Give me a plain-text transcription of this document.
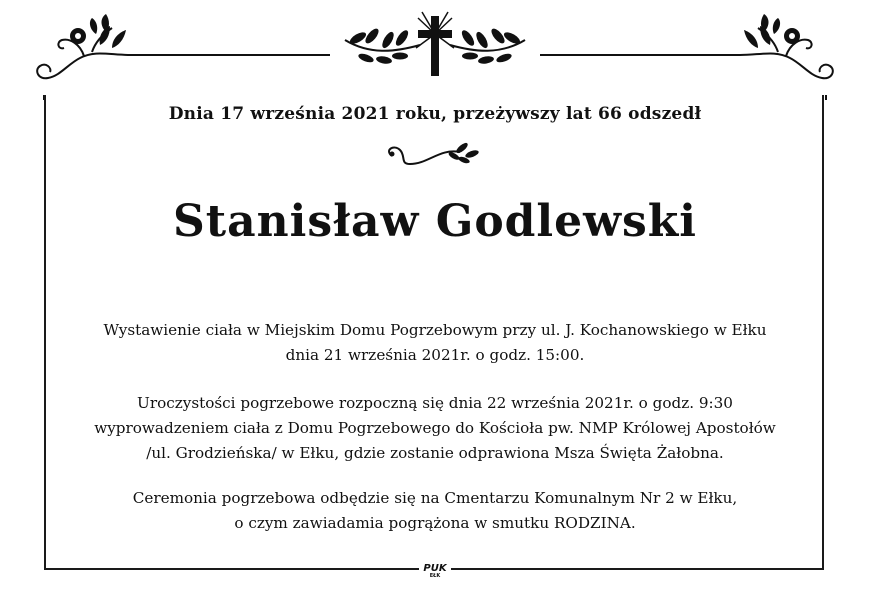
Dnia 17 września 2021 roku, przeżywszy lat 66 odszedł
Stanisław Godlewski
Wystawienie ciała w Miejskim Domu Pogrzebowym przy ul. J. Kochanowskiego w Ełku
dnia 21 września 2021r. o godz. 15:00.
Uroczystości pogrzebowe rozpoczną się dnia 22 września 2021r. o godz. 9:30
wyprowadzeniem ciała z Domu Pogrzebowego do Kościoła pw. NMP Królowej Apostołów
/ul. Grodzieńska/ w Ełku, gdzie zostanie odprawiona Msza Święta Żałobna.
Ceremonia pogrzebowa odbędzie się na Cmentarzu Komunalnym Nr 2 w Ełku,
o czym zawiadamia pogrążona w smutku RODZINA.
PUK
EŁK
